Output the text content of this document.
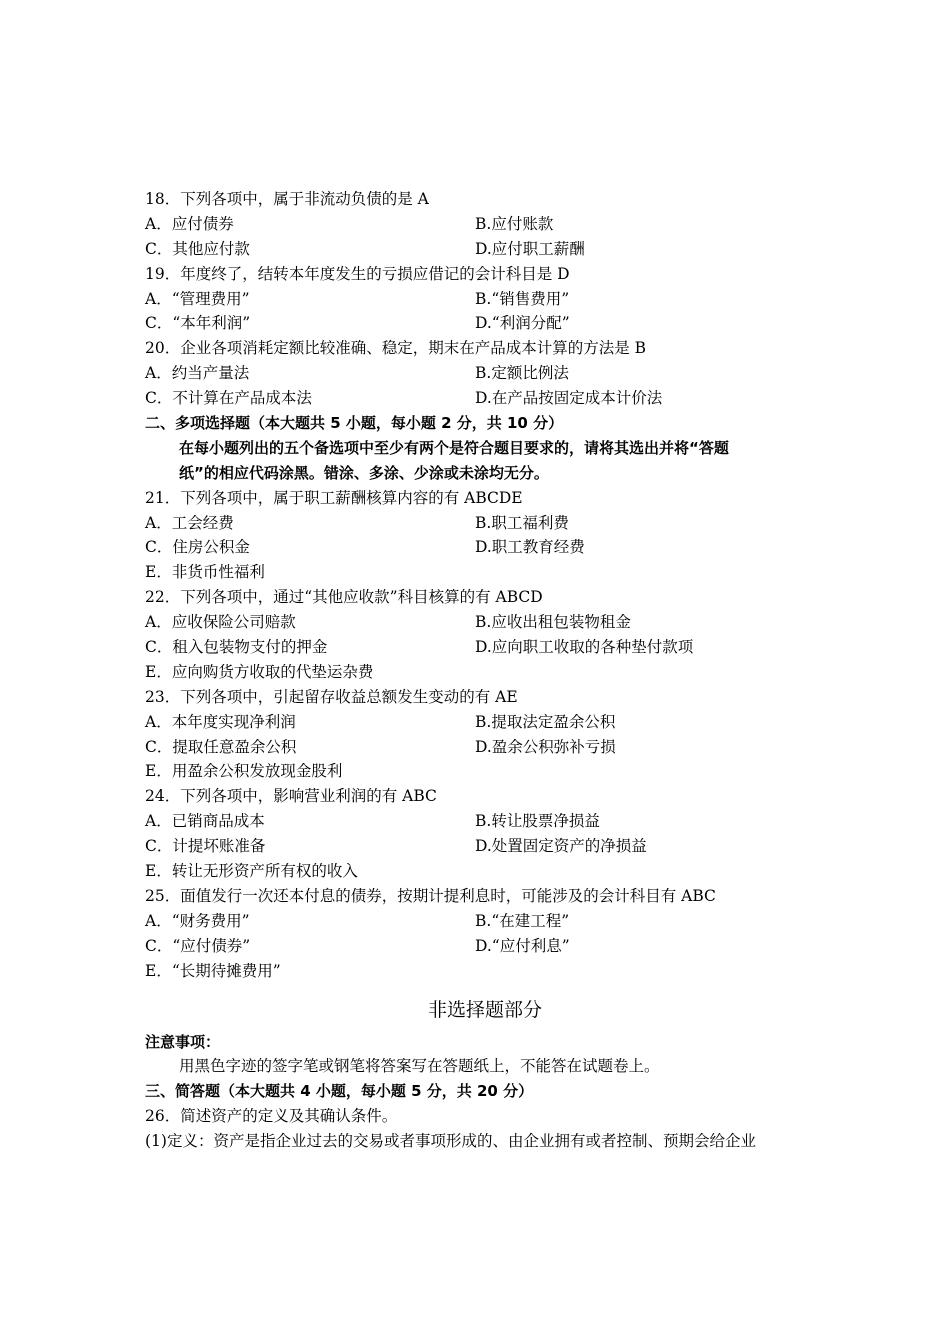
18．下列各项中，属于非流动负债的是 A
A．应付债券	B.应付账款
C．其他应付款	D.应付职工薪酬
19．年度终了，结转本年度发生的亏损应借记的会计科目是 D
A．“管理费用”	B.“销售费用”
C．“本年利润”	D.“利润分配”
20．企业各项消耗定额比较准确、稳定，期末在产品成本计算的方法是 B
A．约当产量法	B.定额比例法
C．不计算在产品成本法	D.在产品按固定成本计价法
二、多项选择题（本大题共 5 小题，每小题 2 分，共 10 分）
在每小题列出的五个备选项中至少有两个是符合题目要求的，请将其选出并将“答题
纸”的相应代码涂黑。错涂、多涂、少涂或未涂均无分。
21．下列各项中，属于职工薪酬核算内容的有 ABCDE
A．工会经费	B.职工福利费
C．住房公积金	D.职工教育经费
E．非货币性福利
22．下列各项中，通过“其他应收款”科目核算的有 ABCD
A．应收保险公司赔款	B.应收出租包装物租金
C．租入包装物支付的押金	D.应向职工收取的各种垫付款项
E．应向购货方收取的代垫运杂费
23．下列各项中，引起留存收益总额发生变动的有 AE
A．本年度实现净利润	B.提取法定盈余公积
C．提取任意盈余公积	D.盈余公积弥补亏损
E．用盈余公积发放现金股利
24．下列各项中，影响营业利润的有 ABC
A．已销商品成本	B.转让股票净损益
C．计提坏账准备	D.处置固定资产的净损益
E．转让无形资产所有权的收入
25．面值发行一次还本付息的债券，按期计提利息时，可能涉及的会计科目有 ABC
A．“财务费用”	B.“在建工程”
C．“应付债券”	D.“应付利息”
E．“长期待摊费用”
非选择题部分
注意事项：
用黑色字迹的签字笔或钢笔将答案写在答题纸上，不能答在试题卷上。
三、简答题（本大题共 4 小题，每小题 5 分，共 20 分）
26．简述资产的定义及其确认条件。
(1)定义：资产是指企业过去的交易或者事项形成的、由企业拥有或者控制、预期会给企业
